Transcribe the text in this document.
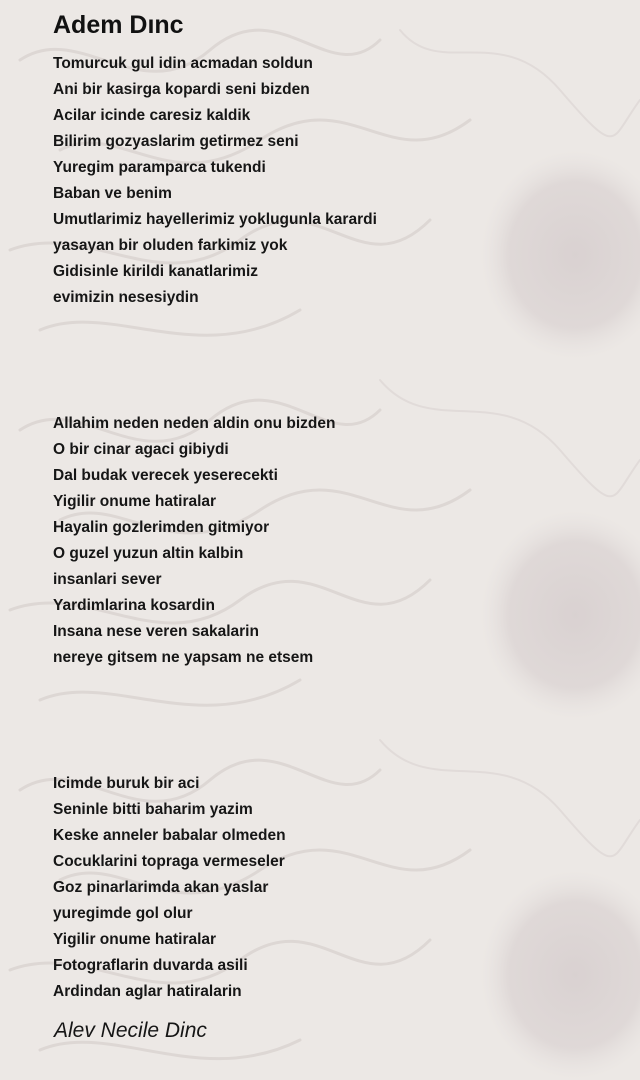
Adem Dınc
Tomurcuk gul idin acmadan soldun
Ani bir kasirga kopardi seni bizden
Acilar icinde caresiz kaldik
Bilirim gozyaslarim getirmez seni
Yuregim paramparca tukendi
Baban ve benim
Umutlarimiz hayellerimiz yoklugunla karardi
yasayan bir oluden farkimiz yok
Gidisinle kirildi kanatlarimiz
evimizin nesesiydin
Allahim neden neden aldin onu bizden
O bir cinar agaci gibiydi
Dal budak verecek yeserecekti
Yigilir onume hatiralar
Hayalin gozlerimden gitmiyor
O guzel yuzun altin kalbin
insanlari sever
Yardimlarina kosardin
Insana nese veren sakalarin
nereye gitsem ne yapsam ne etsem
Icimde buruk bir aci
Seninle bitti baharim yazim
Keske anneler babalar olmeden
Cocuklarini topraga vermeseler
Goz pinarlarimda akan yaslar
yuregimde gol olur
Yigilir onume hatiralar
Fotograflarin duvarda asili
Ardindan aglar hatiralarin
Alev Necile Dinc
